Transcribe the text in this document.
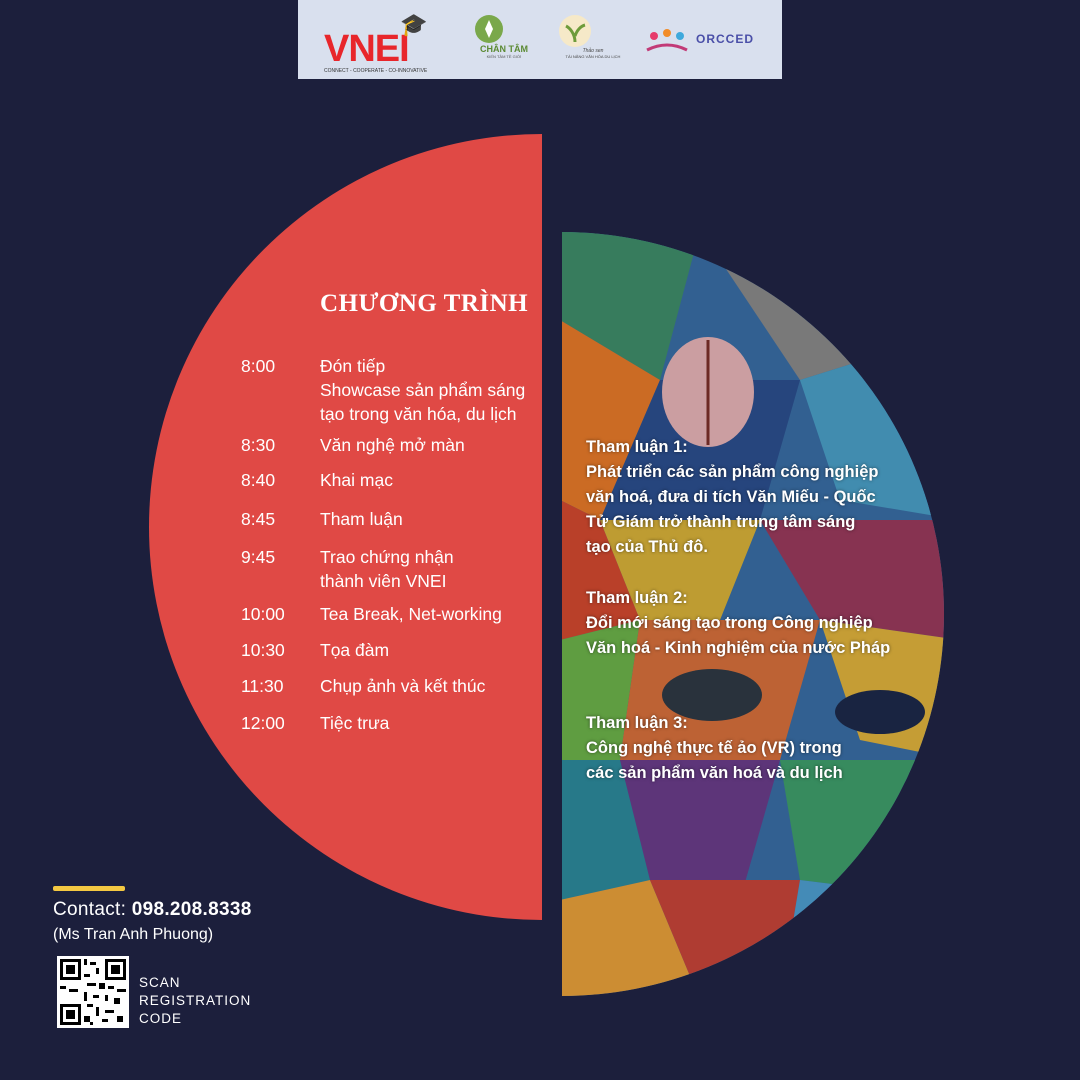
VNEI
🎓
CONNECT - COOPERATE - CO-INNOVATIVE
CHÂN TÂM
KIẾN TÂM TỀ GIỚI
Thảo sen
TÀI NĂNG VĂN HÓA DU LỊCH
ORCCED
CHƯƠNG TRÌNH
8:00	Đón tiếp
Showcase sản phẩm sáng
tạo trong văn hóa, du lịch
8:30	Văn nghệ mở màn
8:40	Khai mạc
8:45	Tham luận
9:45	Trao chứng nhận
thành viên VNEI
10:00	Tea Break, Net-working
10:30	Tọa đàm
11:30	Chụp ảnh và kết thúc
12:00	Tiệc trưa
Tham luận 1:
Phát triển các sản phẩm công nghiệp
văn hoá, đưa di tích Văn Miếu - Quốc
Tử Giám trở thành trung tâm sáng
tạo của Thủ đô.
Tham luận 2:
Đổi mới sáng tạo trong Công nghiệp
Văn hoá - Kinh nghiệm của nước Pháp
Tham luận 3:
Công nghệ thực tế ảo (VR) trong
các sản phẩm văn hoá và du lịch
Contact: 098.208.8338
(Ms Tran Anh Phuong)
SCAN
REGISTRATION
CODE
